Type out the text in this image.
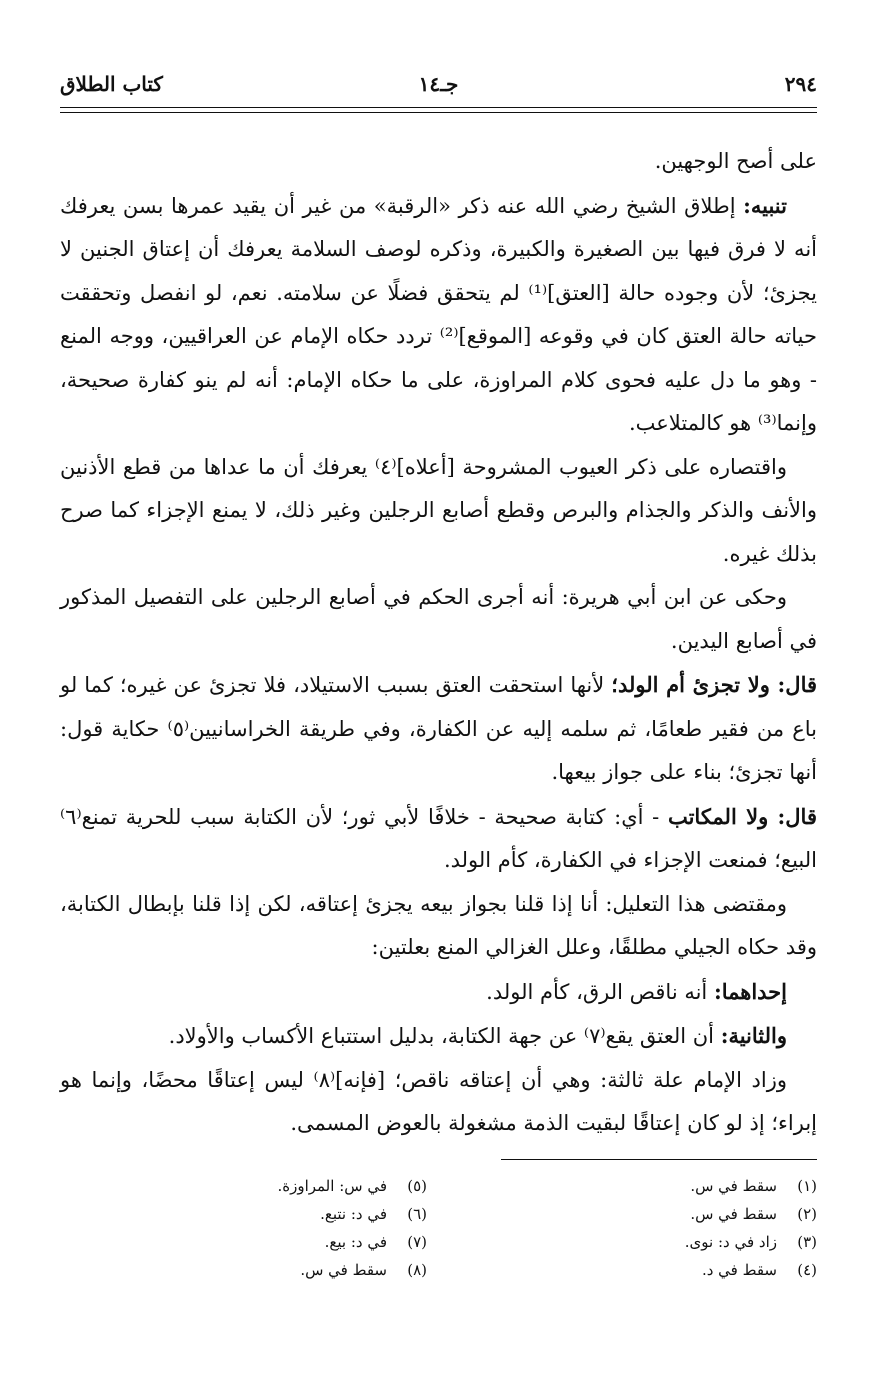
٢٩٤
جـ١٤
كتاب الطلاق

على أصح الوجهين.

تنبيه: إطلاق الشيخ رضي الله عنه ذكر «الرقبة» من غير أن يقيد عمرها بسن يعرفك أنه لا فرق فيها بين الصغيرة والكبيرة، وذكره لوصف السلامة يعرفك أن إعتاق الجنين لا يجزئ؛ لأن وجوده حالة [العتق]⁽¹⁾ لم يتحقق فضلًا عن سلامته. نعم، لو انفصل وتحققت حياته حالة العتق كان في وقوعه [الموقع]⁽²⁾ تردد حكاه الإمام عن العراقيين، ووجه المنع - وهو ما دل عليه فحوى كلام المراوزة، على ما حكاه الإمام: أنه لم ينو كفارة صحيحة، وإنما⁽³⁾ هو كالمتلاعب.

واقتصاره على ذكر العيوب المشروحة [أعلاه]⁽٤⁾ يعرفك أن ما عداها من قطع الأذنين والأنف والذكر والجذام والبرص وقطع أصابع الرجلين وغير ذلك، لا يمنع الإجزاء كما صرح بذلك غيره.

وحكى عن ابن أبي هريرة: أنه أجرى الحكم في أصابع الرجلين على التفصيل المذكور في أصابع اليدين.

قال: ولا تجزئ أم الولد؛ لأنها استحقت العتق بسبب الاستيلاد، فلا تجزئ عن غيره؛ كما لو باع من فقير طعامًا، ثم سلمه إليه عن الكفارة، وفي طريقة الخراسانيين⁽٥⁾ حكاية قول: أنها تجزئ؛ بناء على جواز بيعها.

قال: ولا المكاتب - أي: كتابة صحيحة - خلافًا لأبي ثور؛ لأن الكتابة سبب للحرية تمنع⁽٦⁾ البيع؛ فمنعت الإجزاء في الكفارة، كأم الولد.

ومقتضى هذا التعليل: أنا إذا قلنا بجواز بيعه يجزئ إعتاقه، لكن إذا قلنا بإبطال الكتابة، وقد حكاه الجيلي مطلقًا، وعلل الغزالي المنع بعلتين:

إحداهما: أنه ناقص الرق، كأم الولد.

والثانية: أن العتق يقع⁽٧⁾ عن جهة الكتابة، بدليل استتباع الأكساب والأولاد.

وزاد الإمام علة ثالثة: وهي أن إعتاقه ناقص؛ [فإنه]⁽٨⁾ ليس إعتاقًا محضًا، وإنما هو إبراء؛ إذ لو كان إعتاقًا لبقيت الذمة مشغولة بالعوض المسمى.

(١)سقط في س.
(٢)سقط في س.
(٣)زاد في د: نوى.
(٤)سقط في د.
(٥)في س: المراوزة.
(٦)في د: نتبع.
(٧)في د: بيع.
(٨)سقط في س.
